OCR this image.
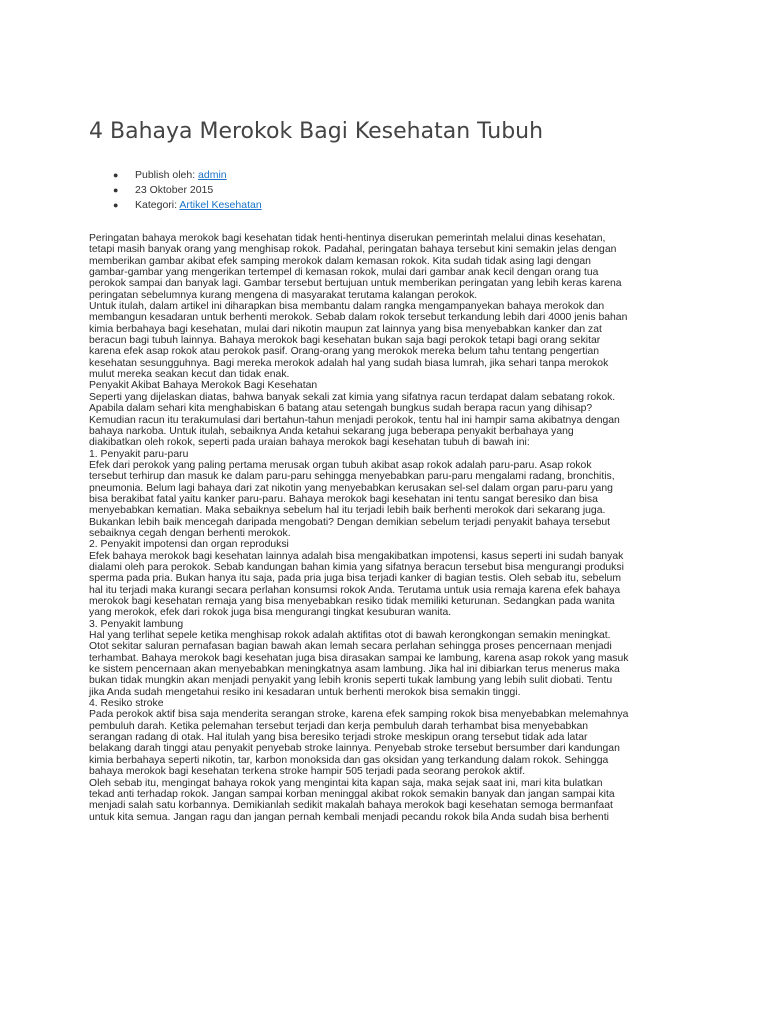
4 Bahaya Merokok Bagi Kesehatan Tubuh
● Publish oleh: admin
● 23 Oktober 2015
● Kategori: Artikel Kesehatan
Peringatan bahaya merokok bagi kesehatan tidak henti-hentinya diserukan pemerintah melalui dinas kesehatan,
tetapi masih banyak orang yang menghisap rokok. Padahal, peringatan bahaya tersebut kini semakin jelas dengan
memberikan gambar akibat efek samping merokok dalam kemasan rokok. Kita sudah tidak asing lagi dengan
gambar-gambar yang mengerikan tertempel di kemasan rokok, mulai dari gambar anak kecil dengan orang tua
perokok sampai dan banyak lagi. Gambar tersebut bertujuan untuk memberikan peringatan yang lebih keras karena
peringatan sebelumnya kurang mengena di masyarakat terutama kalangan perokok.
Untuk itulah, dalam artikel ini diharapkan bisa membantu dalam rangka mengampanyekan bahaya merokok dan
membangun kesadaran untuk berhenti merokok. Sebab dalam rokok tersebut terkandung lebih dari 4000 jenis bahan
kimia berbahaya bagi kesehatan, mulai dari nikotin maupun zat lainnya yang bisa menyebabkan kanker dan zat
beracun bagi tubuh lainnya. Bahaya merokok bagi kesehatan bukan saja bagi perokok tetapi bagi orang sekitar
karena efek asap rokok atau perokok pasif. Orang-orang yang merokok mereka belum tahu tentang pengertian
kesehatan sesungguhnya. Bagi mereka merokok adalah hal yang sudah biasa lumrah, jika sehari tanpa merokok
mulut mereka seakan kecut dan tidak enak.
Penyakit Akibat Bahaya Merokok Bagi Kesehatan
Seperti yang dijelaskan diatas, bahwa banyak sekali zat kimia yang sifatnya racun terdapat dalam sebatang rokok.
Apabila dalam sehari kita menghabiskan 6 batang atau setengah bungkus sudah berapa racun yang dihisap?
Kemudian racun itu terakumulasi dari bertahun-tahun menjadi perokok, tentu hal ini hampir sama akibatnya dengan
bahaya narkoba. Untuk itulah, sebaiknya Anda ketahui sekarang juga beberapa penyakit berbahaya yang
diakibatkan oleh rokok, seperti pada uraian bahaya merokok bagi kesehatan tubuh di bawah ini:
1. Penyakit paru-paru
Efek dari perokok yang paling pertama merusak organ tubuh akibat asap rokok adalah paru-paru. Asap rokok
tersebut terhirup dan masuk ke dalam paru-paru sehingga menyebabkan paru-paru mengalami radang, bronchitis,
pneumonia. Belum lagi bahaya dari zat nikotin yang menyebabkan kerusakan sel-sel dalam organ paru-paru yang
bisa berakibat fatal yaitu kanker paru-paru. Bahaya merokok bagi kesehatan ini tentu sangat beresiko dan bisa
menyebabkan kematian. Maka sebaiknya sebelum hal itu terjadi lebih baik berhenti merokok dari sekarang juga.
Bukankan lebih baik mencegah daripada mengobati? Dengan demikian sebelum terjadi penyakit bahaya tersebut
sebaiknya cegah dengan berhenti merokok.
2. Penyakit impotensi dan organ reproduksi
Efek bahaya merokok bagi kesehatan lainnya adalah bisa mengakibatkan impotensi, kasus seperti ini sudah banyak
dialami oleh para perokok. Sebab kandungan bahan kimia yang sifatnya beracun tersebut bisa mengurangi produksi
sperma pada pria. Bukan hanya itu saja, pada pria juga bisa terjadi kanker di bagian testis. Oleh sebab itu, sebelum
hal itu terjadi maka kurangi secara perlahan konsumsi rokok Anda. Terutama untuk usia remaja karena efek bahaya
merokok bagi kesehatan remaja yang bisa menyebabkan resiko tidak memiliki keturunan. Sedangkan pada wanita
yang merokok, efek dari rokok juga bisa mengurangi tingkat kesuburan wanita.
3. Penyakit lambung
Hal yang terlihat sepele ketika menghisap rokok adalah aktifitas otot di bawah kerongkongan semakin meningkat.
Otot sekitar saluran pernafasan bagian bawah akan lemah secara perlahan sehingga proses pencernaan menjadi
terhambat. Bahaya merokok bagi kesehatan juga bisa dirasakan sampai ke lambung, karena asap rokok yang masuk
ke sistem pencernaan akan menyebabkan meningkatnya asam lambung. Jika hal ini dibiarkan terus menerus maka
bukan tidak mungkin akan menjadi penyakit yang lebih kronis seperti tukak lambung yang lebih sulit diobati. Tentu
jika Anda sudah mengetahui resiko ini kesadaran untuk berhenti merokok bisa semakin tinggi.
4. Resiko stroke
Pada perokok aktif bisa saja menderita serangan stroke, karena efek samping rokok bisa menyebabkan melemahnya
pembuluh darah. Ketika pelemahan tersebut terjadi dan kerja pembuluh darah terhambat bisa menyebabkan
serangan radang di otak. Hal itulah yang bisa beresiko terjadi stroke meskipun orang tersebut tidak ada latar
belakang darah tinggi atau penyakit penyebab stroke lainnya. Penyebab stroke tersebut bersumber dari kandungan
kimia berbahaya seperti nikotin, tar, karbon monoksida dan gas oksidan yang terkandung dalam rokok. Sehingga
bahaya merokok bagi kesehatan terkena stroke hampir 505 terjadi pada seorang perokok aktif.
Oleh sebab itu, mengingat bahaya rokok yang mengintai kita kapan saja, maka sejak saat ini, mari kita bulatkan
tekad anti terhadap rokok. Jangan sampai korban meninggal akibat rokok semakin banyak dan jangan sampai kita
menjadi salah satu korbannya. Demikianlah sedikit makalah bahaya merokok bagi kesehatan semoga bermanfaat
untuk kita semua. Jangan ragu dan jangan pernah kembali menjadi pecandu rokok bila Anda sudah bisa berhenti
